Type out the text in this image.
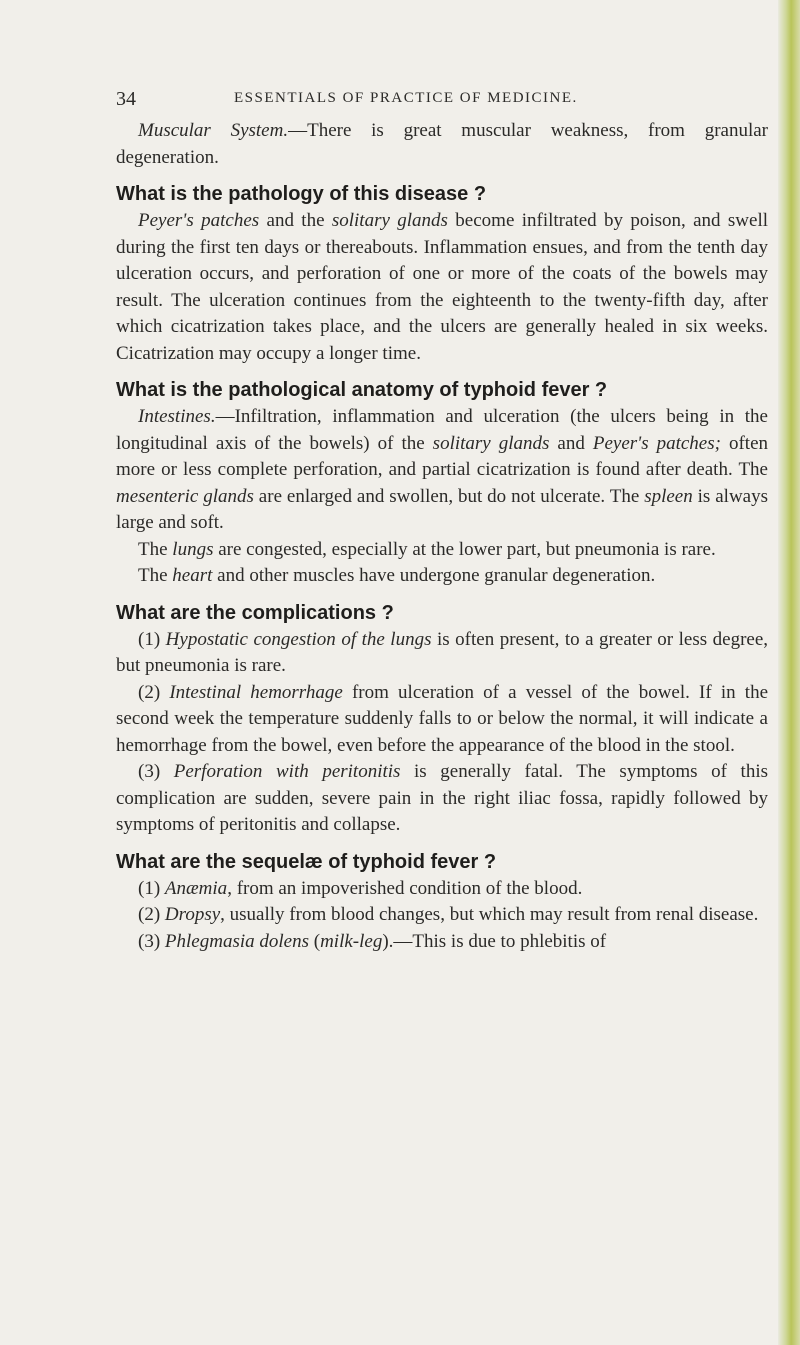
34	ESSENTIALS OF PRACTICE OF MEDICINE.

Muscular System.—There is great muscular weakness, from granular degeneration.

What is the pathology of this disease ?

Peyer's patches and the solitary glands become infiltrated by poison, and swell during the first ten days or thereabouts. Inflammation ensues, and from the tenth day ulceration occurs, and perforation of one or more of the coats of the bowels may result. The ulceration continues from the eighteenth to the twenty-fifth day, after which cicatrization takes place, and the ulcers are generally healed in six weeks. Cicatrization may occupy a longer time.

What is the pathological anatomy of typhoid fever ?

Intestines.—Infiltration, inflammation and ulceration (the ulcers being in the longitudinal axis of the bowels) of the solitary glands and Peyer's patches; often more or less complete perforation, and partial cicatrization is found after death. The mesenteric glands are enlarged and swollen, but do not ulcerate. The spleen is always large and soft.

The lungs are congested, especially at the lower part, but pneumonia is rare.

The heart and other muscles have undergone granular degeneration.

What are the complications ?

(1) Hypostatic congestion of the lungs is often present, to a greater or less degree, but pneumonia is rare.

(2) Intestinal hemorrhage from ulceration of a vessel of the bowel. If in the second week the temperature suddenly falls to or below the normal, it will indicate a hemorrhage from the bowel, even before the appearance of the blood in the stool.

(3) Perforation with peritonitis is generally fatal. The symptoms of this complication are sudden, severe pain in the right iliac fossa, rapidly followed by symptoms of peritonitis and collapse.

What are the sequelæ of typhoid fever ?

(1) Anæmia, from an impoverished condition of the blood.

(2) Dropsy, usually from blood changes, but which may result from renal disease.

(3) Phlegmasia dolens (milk-leg).—This is due to phlebitis of
